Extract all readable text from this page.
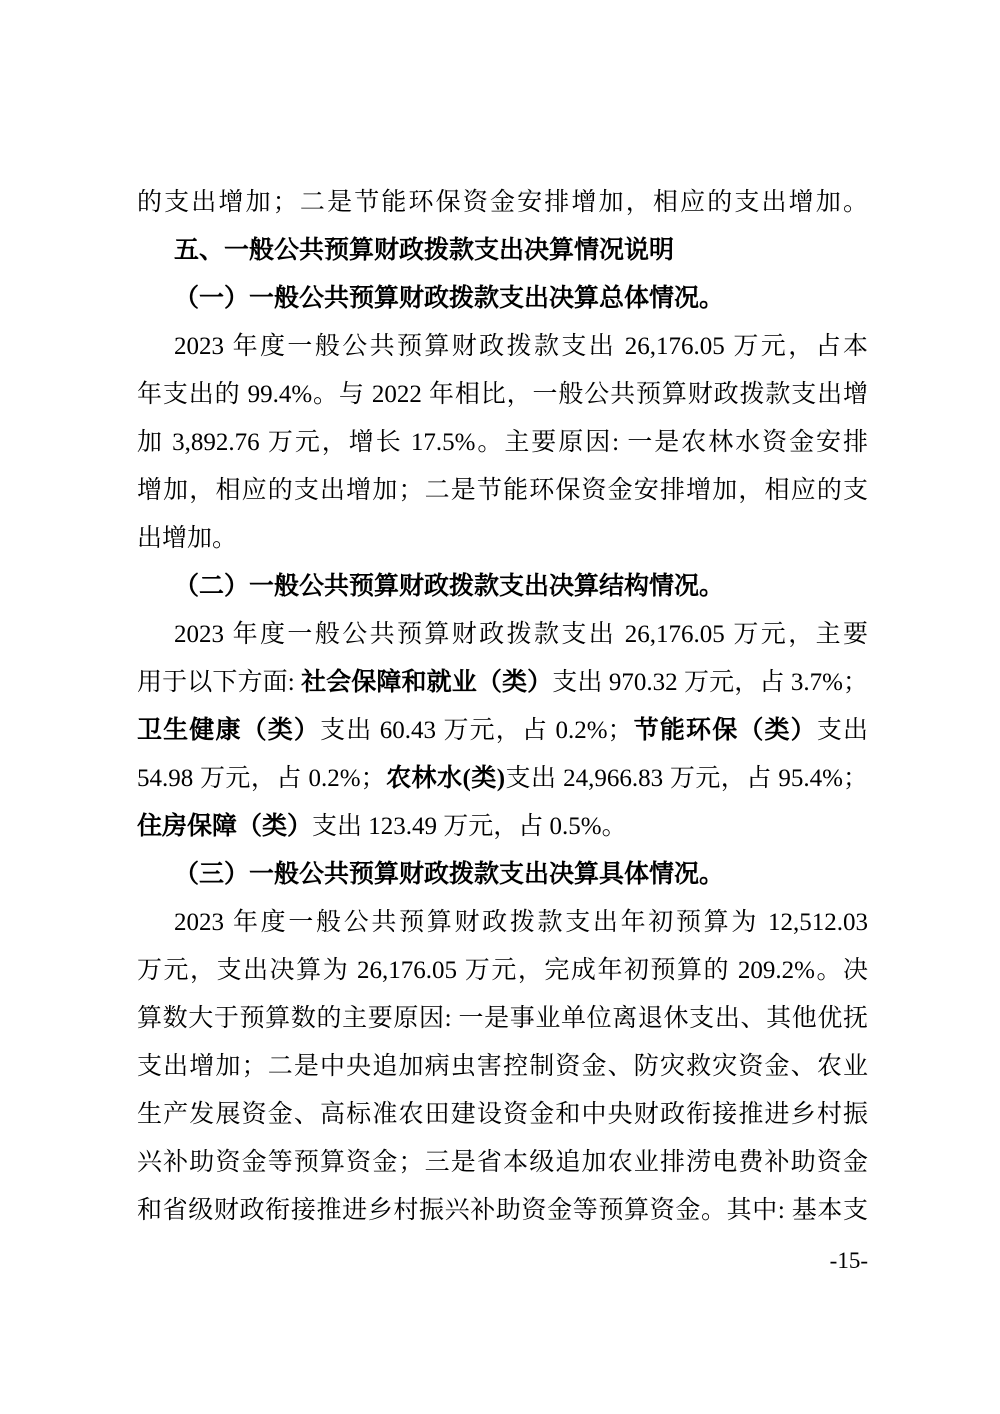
的支出增加；二是节能环保资金安排增加，相应的支出增加。
五、一般公共预算财政拨款支出决算情况说明
（一）一般公共预算财政拨款支出决算总体情况。
2023 年度一般公共预算财政拨款支出 26,176.05 万元，占本
年支出的 99.4%。与 2022 年相比，一般公共预算财政拨款支出增
加 3,892.76 万元，增长 17.5%。主要原因: 一是农林水资金安排
增加，相应的支出增加；二是节能环保资金安排增加，相应的支
出增加。
（二）一般公共预算财政拨款支出决算结构情况。
2023 年度一般公共预算财政拨款支出 26,176.05 万元，主要
用于以下方面: 社会保障和就业（类）支出 970.32 万元，占 3.7%；
卫生健康（类）支出 60.43 万元，占 0.2%；节能环保（类）支出
54.98 万元，占 0.2%；农林水(类)支出 24,966.83 万元，占 95.4%；
住房保障（类）支出 123.49 万元，占 0.5%。
（三）一般公共预算财政拨款支出决算具体情况。
2023 年度一般公共预算财政拨款支出年初预算为 12,512.03
万元，支出决算为 26,176.05 万元，完成年初预算的 209.2%。决
算数大于预算数的主要原因: 一是事业单位离退休支出、其他优抚
支出增加；二是中央追加病虫害控制资金、防灾救灾资金、农业
生产发展资金、高标准农田建设资金和中央财政衔接推进乡村振
兴补助资金等预算资金；三是省本级追加农业排涝电费补助资金
和省级财政衔接推进乡村振兴补助资金等预算资金。其中: 基本支
-15-
